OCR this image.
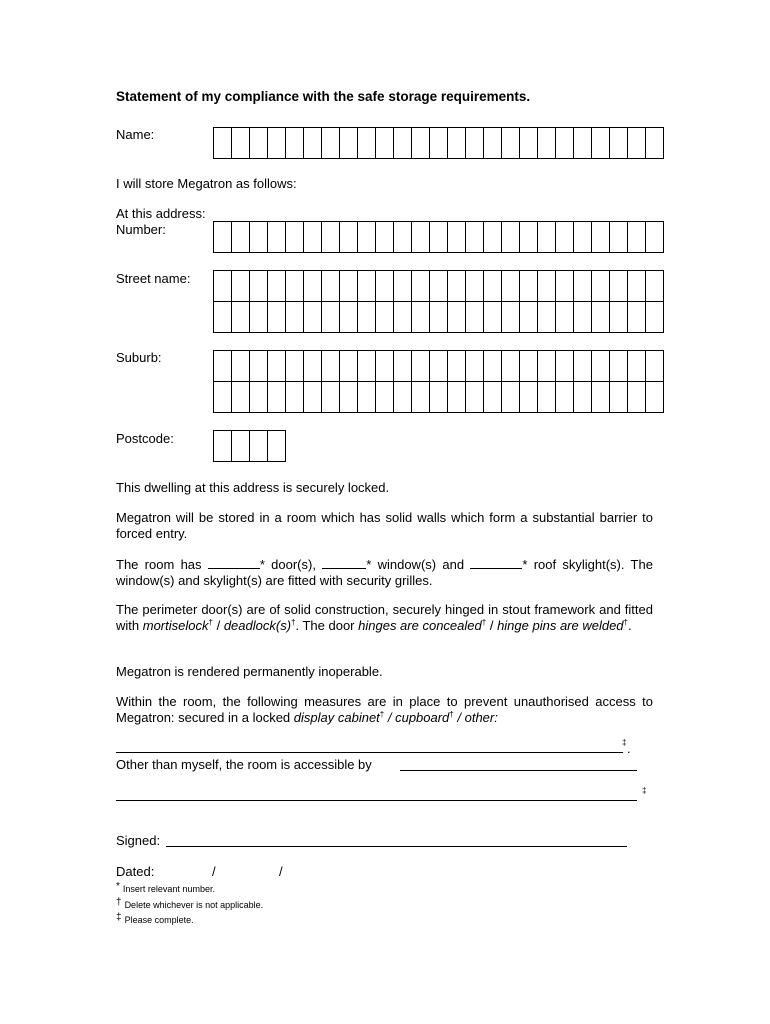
Statement of my compliance with the safe storage requirements.
Name:
I will store Megatron as follows:
At this address:
Number:
Street name:
Suburb:
Postcode:
This dwelling at this address is securely locked.
Megatron will be stored in a room which has solid walls which form a substantial barrier to forced entry.
The room has	* door(s),	* window(s) and	* roof skylight(s). The window(s) and skylight(s) are fitted with security grilles.
The perimeter door(s) are of solid construction, securely hinged in stout framework and fitted with mortiselock† / deadlock(s)†. The door hinges are concealed† / hinge pins are welded†.
Megatron is rendered permanently inoperable.
Within the room, the following measures are in place to prevent unauthorised access to Megatron: secured in a locked display cabinet† / cupboard† / other:
‡ .
Other than myself, the room is accessible by
‡
Signed:
Dated:	/	/
* Insert relevant number.
† Delete whichever is not applicable.
‡ Please complete.
